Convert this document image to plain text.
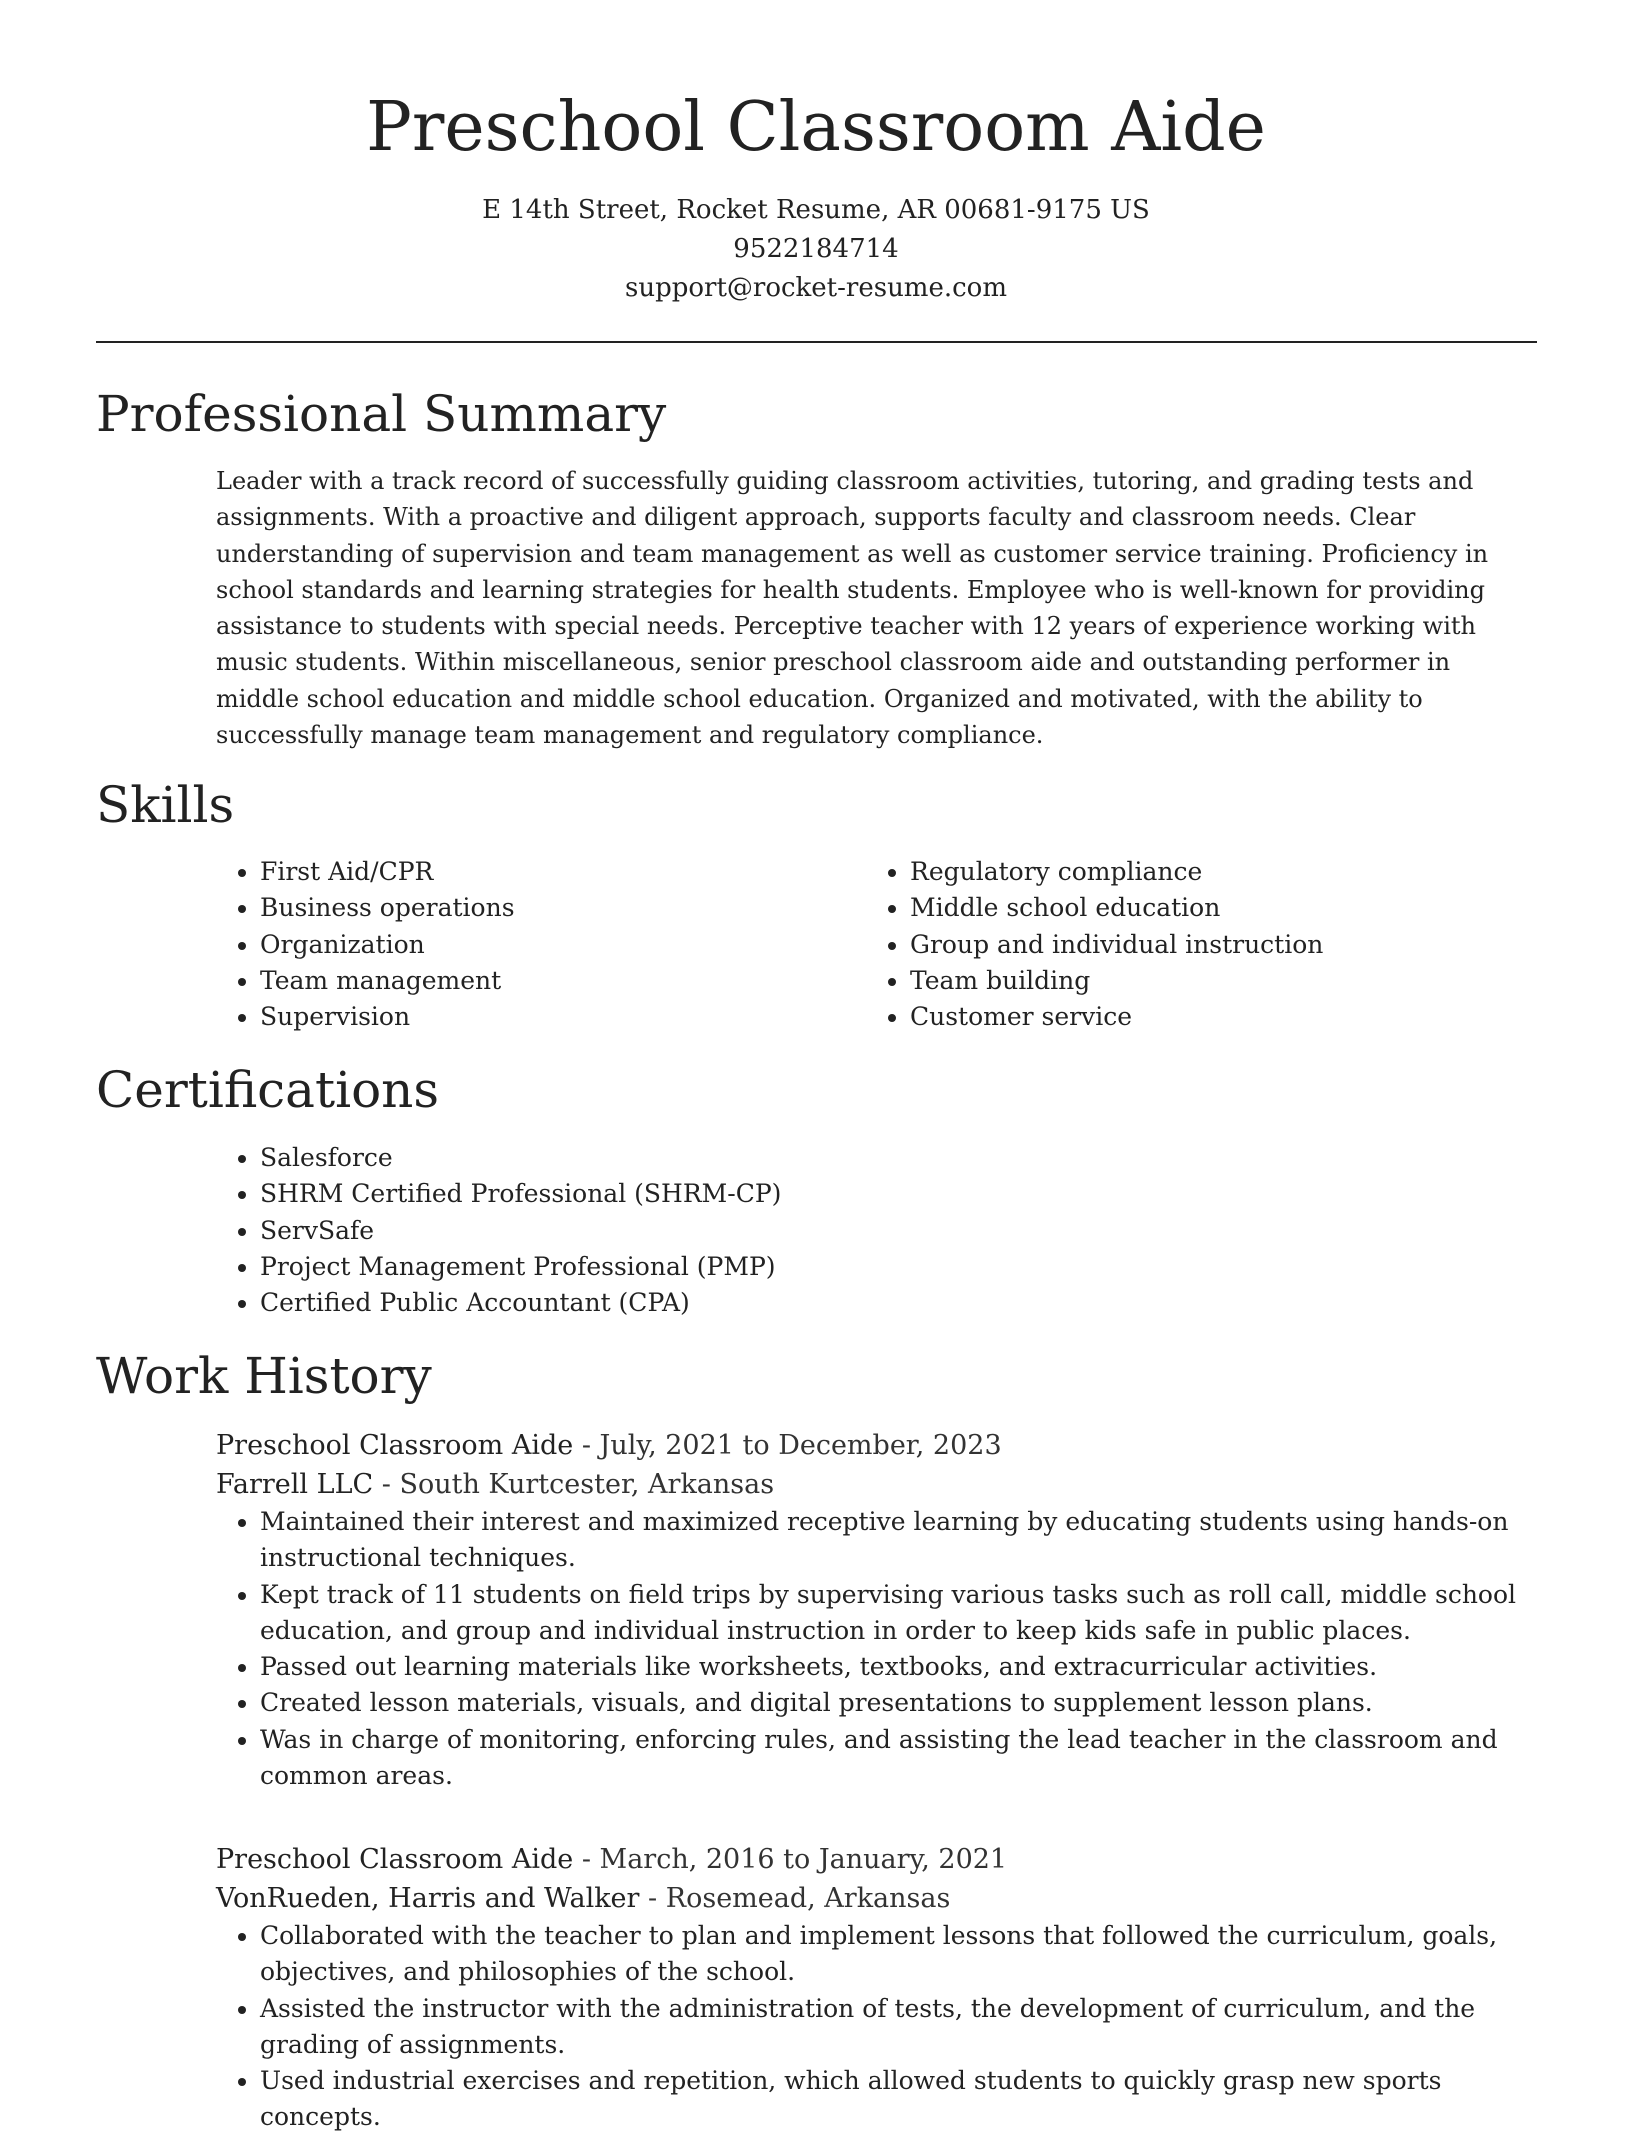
Preschool Classroom Aide
E 14th Street, Rocket Resume, AR 00681-9175 US
9522184714
support@rocket-resume.com
Professional Summary

Leader with a track record of successfully guiding classroom activities, tutoring, and grading tests and assignments. With a proactive and diligent approach, supports faculty and classroom needs. Clear understanding of supervision and team management as well as customer service training. Proficiency in school standards and learning strategies for health students. Employee who is well-known for providing assistance to students with special needs. Perceptive teacher with 12 years of experience working with music students. Within miscellaneous, senior preschool classroom aide and outstanding performer in middle school education and middle school education. Organized and motivated, with the ability to successfully manage team management and regulatory compliance.

Skills
• First Aid/CPR
• Business operations
• Organization
• Team management
• Supervision
• Regulatory compliance
• Middle school education
• Group and individual instruction
• Team building
• Customer service
Certifications
• Salesforce
• SHRM Certified Professional (SHRM-CP)
• ServSafe
• Project Management Professional (PMP)
• Certified Public Accountant (CPA)
Work History

Preschool Classroom Aide - July, 2021 to December, 2023

Farrell LLC - South Kurtcester, Arkansas

• Maintained their interest and maximized receptive learning by educating students using hands-on instructional techniques.
• Kept track of 11 students on field trips by supervising various tasks such as roll call, middle school education, and group and individual instruction in order to keep kids safe in public places.
• Passed out learning materials like worksheets, textbooks, and extracurricular activities.
• Created lesson materials, visuals, and digital presentations to supplement lesson plans.
• Was in charge of monitoring, enforcing rules, and assisting the lead teacher in the classroom and common areas.

Preschool Classroom Aide - March, 2016 to January, 2021

VonRueden, Harris and Walker - Rosemead, Arkansas

• Collaborated with the teacher to plan and implement lessons that followed the curriculum, goals, objectives, and philosophies of the school.
• Assisted the instructor with the administration of tests, the development of curriculum, and the grading of assignments.
• Used industrial exercises and repetition, which allowed students to quickly grasp new sports concepts.
